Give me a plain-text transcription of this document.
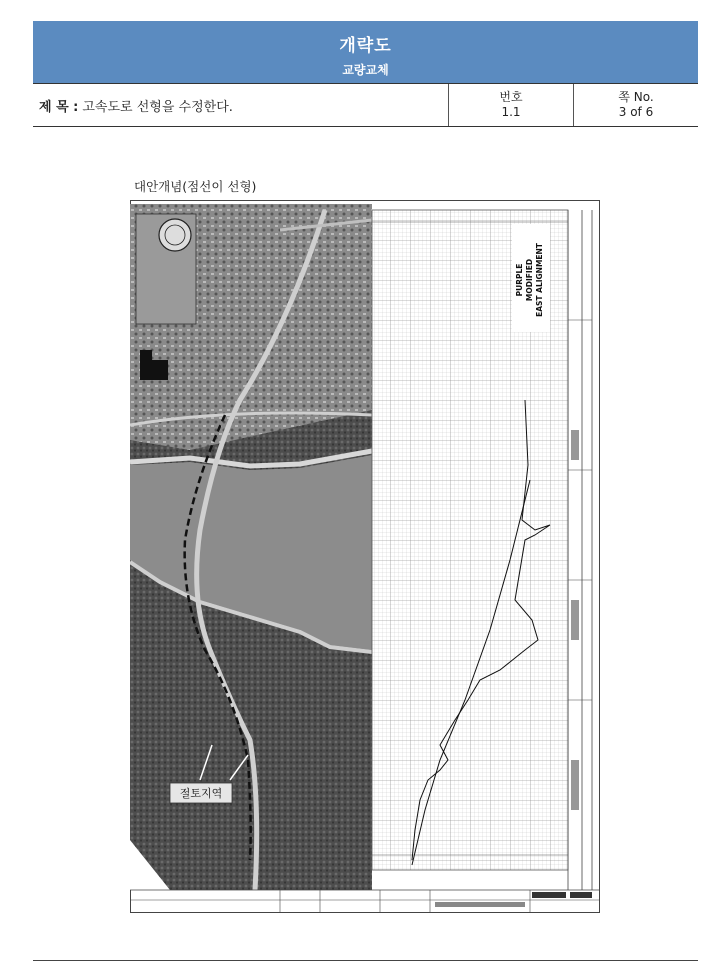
개략도
교량교체
제 목 : 고속도로 선형을 수정한다.
번호
1.1
쪽 No.
3 of 6
대안개념(점선이 선형)
절토지역
PURPLE MODIFIED EAST ALIGNMENT
